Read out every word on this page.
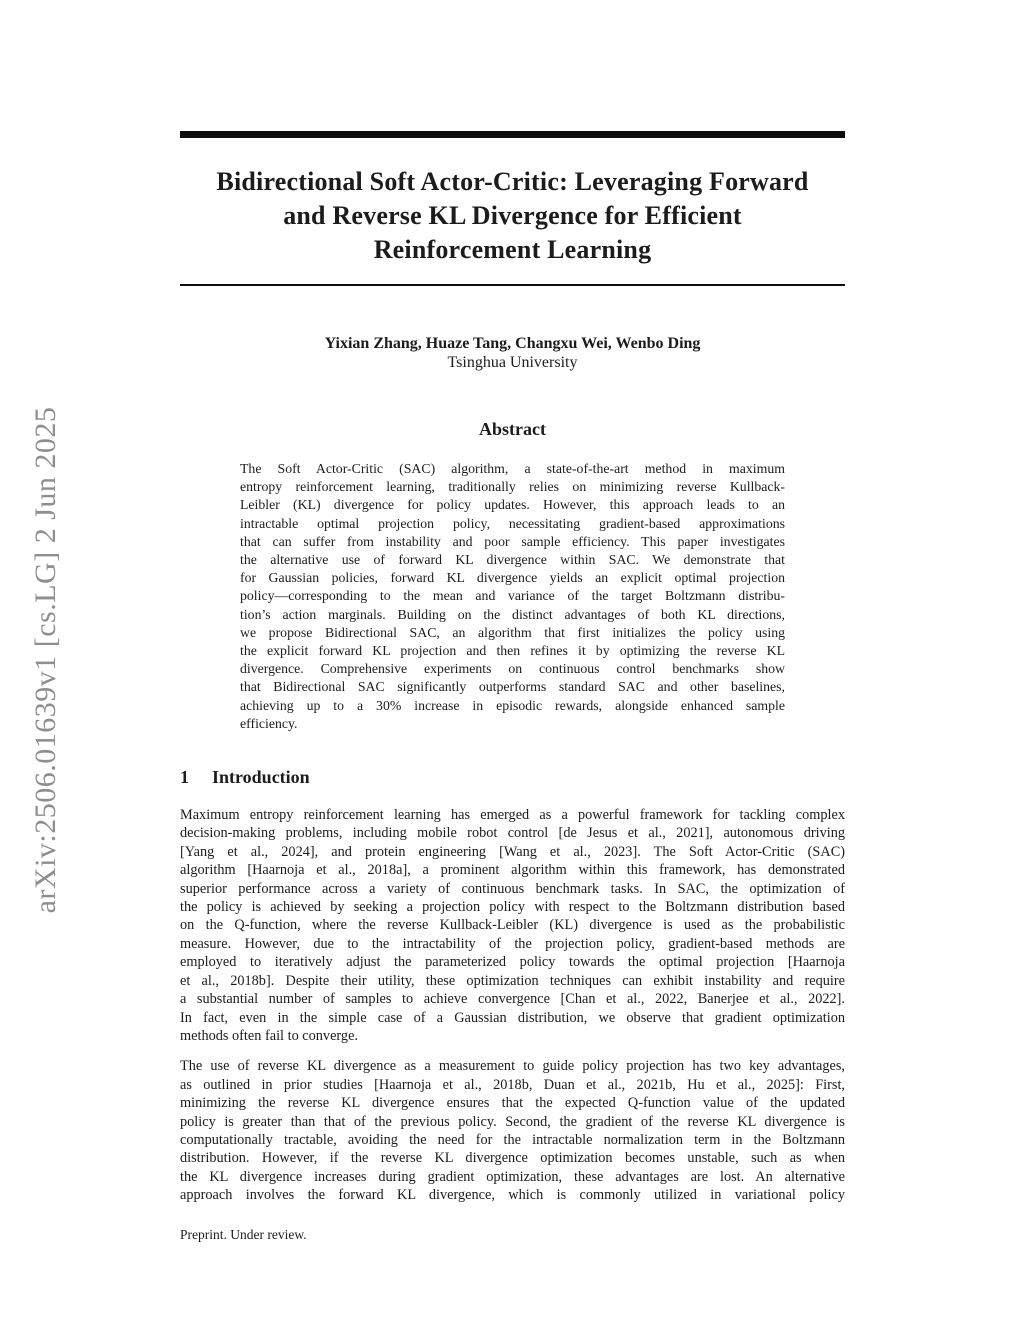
arXiv:2506.01639v1 [cs.LG] 2 Jun 2025
Bidirectional Soft Actor-Critic: Leveraging Forward
and Reverse KL Divergence for Efficient
Reinforcement Learning
Yixian Zhang, Huaze Tang, Changxu Wei, Wenbo Ding
Tsinghua University
Abstract
The Soft Actor-Critic (SAC) algorithm, a state-of-the-art method in maximum
entropy reinforcement learning, traditionally relies on minimizing reverse Kullback-
Leibler (KL) divergence for policy updates. However, this approach leads to an
intractable optimal projection policy, necessitating gradient-based approximations
that can suffer from instability and poor sample efficiency. This paper investigates
the alternative use of forward KL divergence within SAC. We demonstrate that
for Gaussian policies, forward KL divergence yields an explicit optimal projection
policy—corresponding to the mean and variance of the target Boltzmann distribu-
tion’s action marginals. Building on the distinct advantages of both KL directions,
we propose Bidirectional SAC, an algorithm that first initializes the policy using
the explicit forward KL projection and then refines it by optimizing the reverse KL
divergence. Comprehensive experiments on continuous control benchmarks show
that Bidirectional SAC significantly outperforms standard SAC and other baselines,
achieving up to a 30% increase in episodic rewards, alongside enhanced sample
efficiency.
1 Introduction
Maximum entropy reinforcement learning has emerged as a powerful framework for tackling complex
decision-making problems, including mobile robot control [de Jesus et al., 2021], autonomous driving
[Yang et al., 2024], and protein engineering [Wang et al., 2023]. The Soft Actor-Critic (SAC)
algorithm [Haarnoja et al., 2018a], a prominent algorithm within this framework, has demonstrated
superior performance across a variety of continuous benchmark tasks. In SAC, the optimization of
the policy is achieved by seeking a projection policy with respect to the Boltzmann distribution based
on the Q-function, where the reverse Kullback-Leibler (KL) divergence is used as the probabilistic
measure. However, due to the intractability of the projection policy, gradient-based methods are
employed to iteratively adjust the parameterized policy towards the optimal projection [Haarnoja
et al., 2018b]. Despite their utility, these optimization techniques can exhibit instability and require
a substantial number of samples to achieve convergence [Chan et al., 2022, Banerjee et al., 2022].
In fact, even in the simple case of a Gaussian distribution, we observe that gradient optimization
methods often fail to converge.
The use of reverse KL divergence as a measurement to guide policy projection has two key advantages,
as outlined in prior studies [Haarnoja et al., 2018b, Duan et al., 2021b, Hu et al., 2025]: First,
minimizing the reverse KL divergence ensures that the expected Q-function value of the updated
policy is greater than that of the previous policy. Second, the gradient of the reverse KL divergence is
computationally tractable, avoiding the need for the intractable normalization term in the Boltzmann
distribution. However, if the reverse KL divergence optimization becomes unstable, such as when
the KL divergence increases during gradient optimization, these advantages are lost. An alternative
approach involves the forward KL divergence, which is commonly utilized in variational policy
Preprint. Under review.
